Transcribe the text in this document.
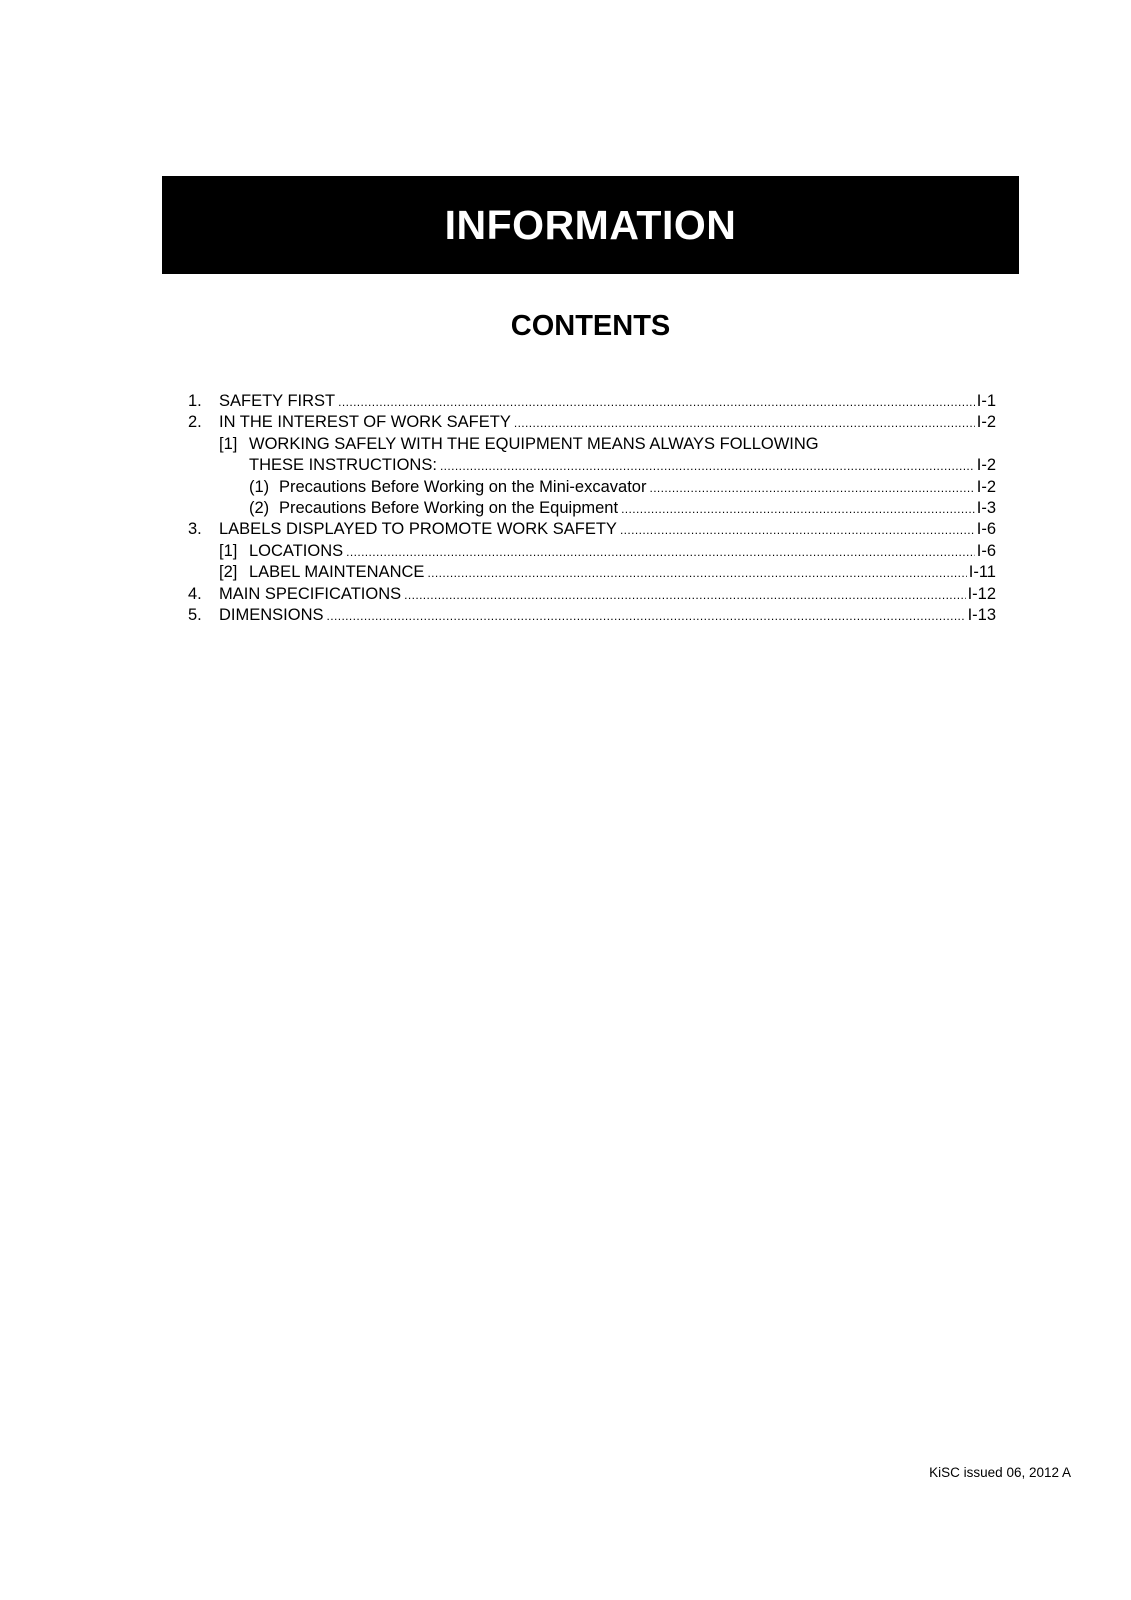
INFORMATION
CONTENTS
1.	SAFETY FIRST .....	I-1
2.	IN THE INTEREST OF WORK SAFETY .....	I-2
[1] WORKING SAFELY WITH THE EQUIPMENT MEANS ALWAYS FOLLOWING
THESE INSTRUCTIONS: .....	I-2
(1) Precautions Before Working on the Mini-excavator .....	I-2
(2) Precautions Before Working on the Equipment .....	I-3
3.	LABELS DISPLAYED TO PROMOTE WORK SAFETY .....	I-6
[1] LOCATIONS .....	I-6
[2] LABEL MAINTENANCE .....	I-11
4.	MAIN SPECIFICATIONS .....	I-12
5.	DIMENSIONS .....	I-13
KiSC issued 06, 2012 A
